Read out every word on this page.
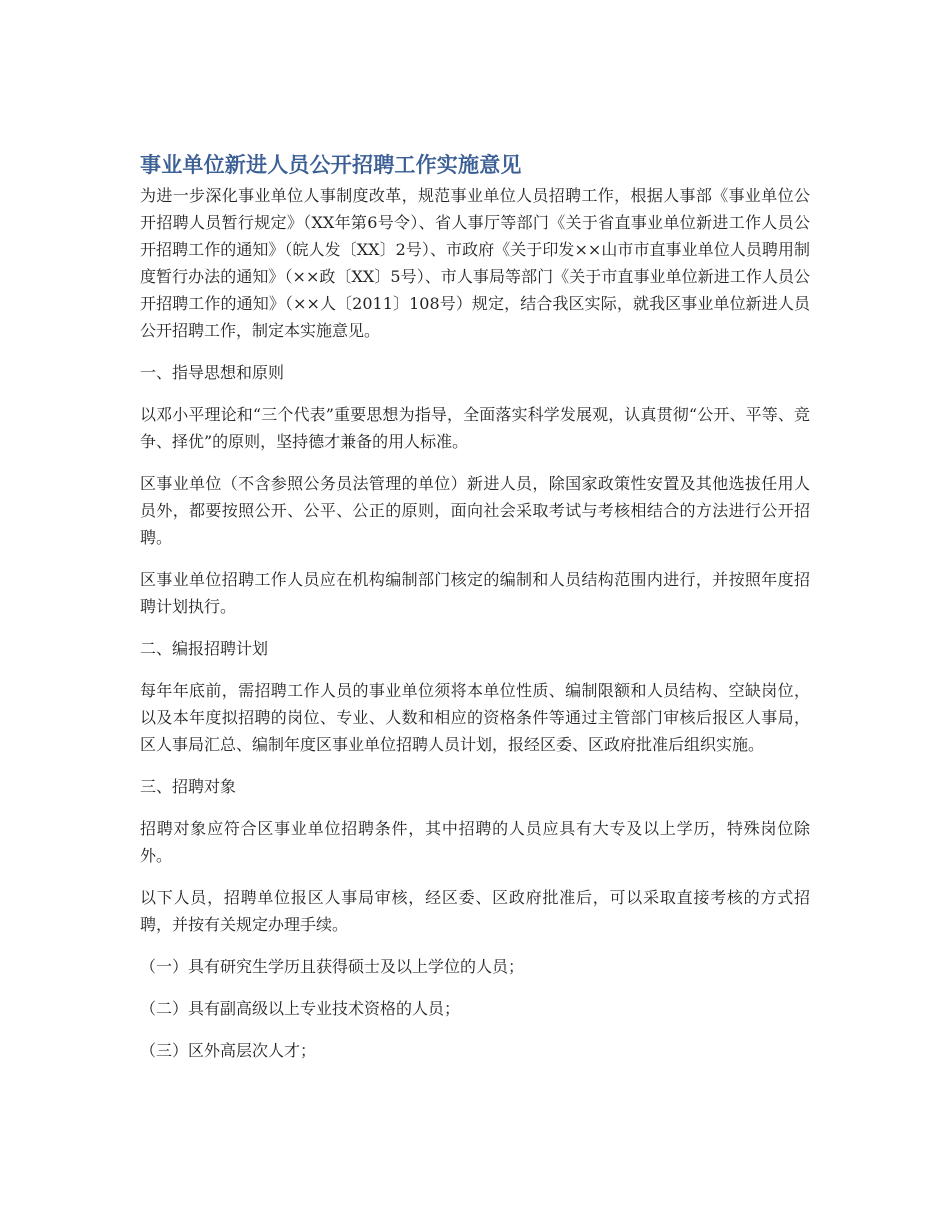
事业单位新进人员公开招聘工作实施意见

为进一步深化事业单位人事制度改革，规范事业单位人员招聘工作，根据人事部《事业单位公开招聘人员暂行规定》（XX年第6号令）、省人事厅等部门《关于省直事业单位新进工作人员公开招聘工作的通知》（皖人发〔XX〕2号）、市政府《关于印发××山市市直事业单位人员聘用制度暂行办法的通知》（××政〔XX〕5号）、市人事局等部门《关于市直事业单位新进工作人员公开招聘工作的通知》（××人〔2011〕108号）规定，结合我区实际，就我区事业单位新进人员公开招聘工作，制定本实施意见。

一、指导思想和原则

以邓小平理论和“三个代表”重要思想为指导，全面落实科学发展观，认真贯彻“公开、平等、竞争、择优”的原则，坚持德才兼备的用人标准。

区事业单位（不含参照公务员法管理的单位）新进人员，除国家政策性安置及其他选拔任用人员外，都要按照公开、公平、公正的原则，面向社会采取考试与考核相结合的方法进行公开招聘。

区事业单位招聘工作人员应在机构编制部门核定的编制和人员结构范围内进行，并按照年度招聘计划执行。

二、编报招聘计划

每年年底前，需招聘工作人员的事业单位须将本单位性质、编制限额和人员结构、空缺岗位，以及本年度拟招聘的岗位、专业、人数和相应的资格条件等通过主管部门审核后报区人事局，区人事局汇总、编制年度区事业单位招聘人员计划，报经区委、区政府批准后组织实施。

三、招聘对象

招聘对象应符合区事业单位招聘条件，其中招聘的人员应具有大专及以上学历，特殊岗位除外。

以下人员，招聘单位报区人事局审核，经区委、区政府批准后，可以采取直接考核的方式招聘，并按有关规定办理手续。

（一）具有研究生学历且获得硕士及以上学位的人员；

（二）具有副高级以上专业技术资格的人员；

（三）区外高层次人才；
